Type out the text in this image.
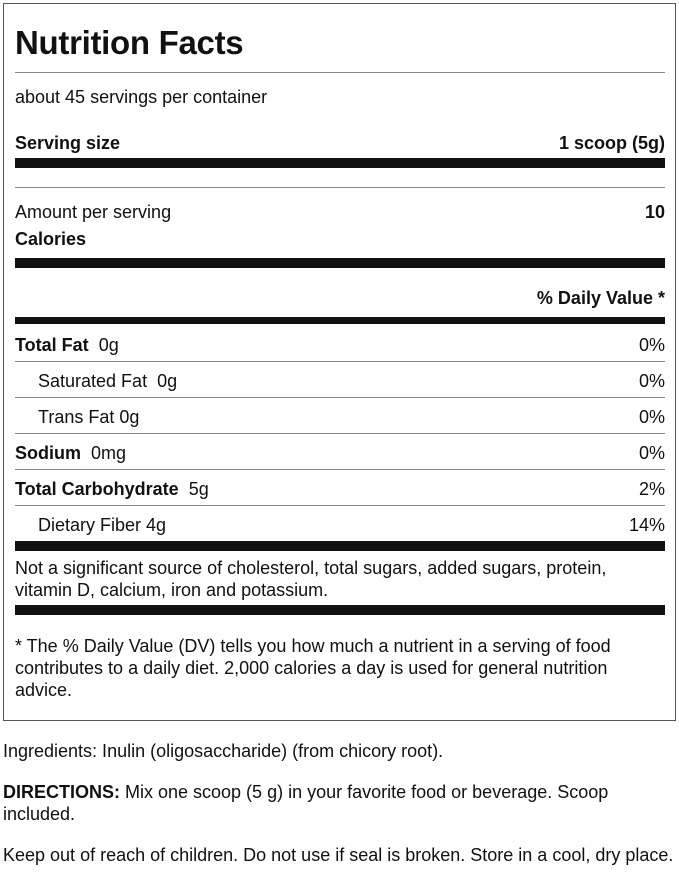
Nutrition Facts
about 45 servings per container
Serving size	1 scoop (5g)
Amount per serving	10
Calories
% Daily Value *
Total Fat 0g	0%
Saturated Fat 0g	0%
Trans Fat 0g	0%
Sodium 0mg	0%
Total Carbohydrate 5g	2%
Dietary Fiber 4g	14%

Not a significant source of cholesterol, total sugars, added sugars, protein, vitamin D, calcium, iron and potassium.

* The % Daily Value (DV) tells you how much a nutrient in a serving of food contributes to a daily diet. 2,000 calories a day is used for general nutrition advice.

Ingredients: Inulin (oligosaccharide) (from chicory root).

DIRECTIONS: Mix one scoop (5 g) in your favorite food or beverage. Scoop included.

Keep out of reach of children. Do not use if seal is broken. Store in a cool, dry place.
